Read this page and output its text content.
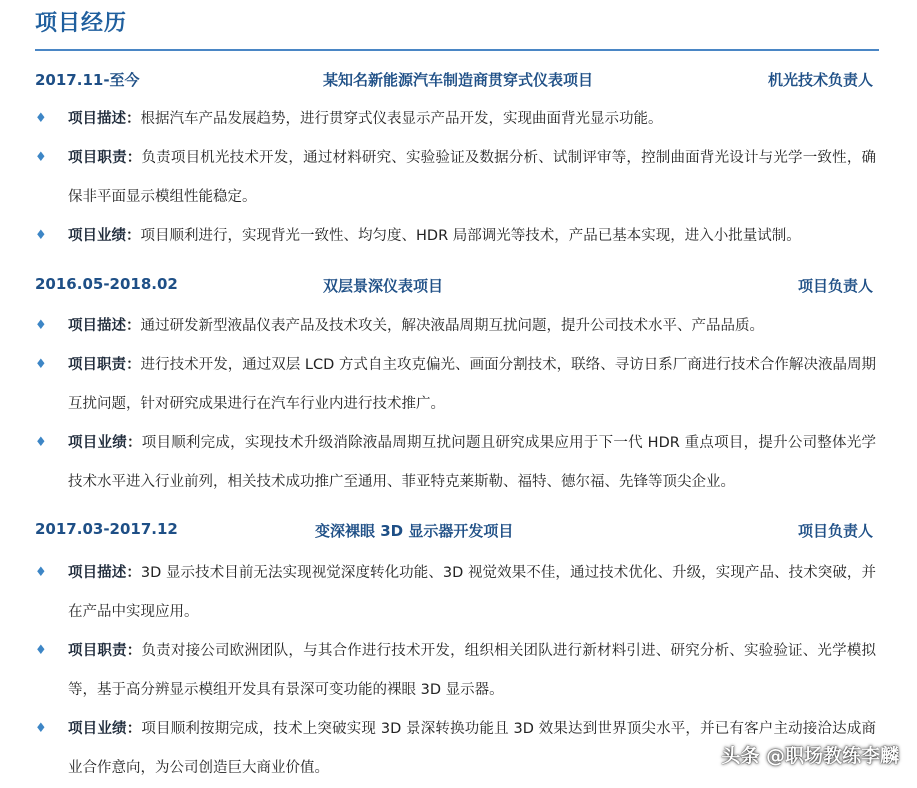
项目经历
2017.11-至今	某知名新能源汽车制造商贯穿式仪表项目	机光技术负责人
♦ 项目描述：根据汽车产品发展趋势，进行贯穿式仪表显示产品开发，实现曲面背光显示功能。
♦ 项目职责：负责项目机光技术开发，通过材料研究、实验验证及数据分析、试制评审等，控制曲面背光设计与光学一致性，确保非平面显示模组性能稳定。
♦ 项目业绩：项目顺利进行，实现背光一致性、均匀度、HDR 局部调光等技术，产品已基本实现，进入小批量试制。
2016.05-2018.02	双层景深仪表项目	项目负责人
♦ 项目描述：通过研发新型液晶仪表产品及技术攻关，解决液晶周期互扰问题，提升公司技术水平、产品品质。
♦ 项目职责：进行技术开发，通过双层 LCD 方式自主攻克偏光、画面分割技术，联络、寻访日系厂商进行技术合作解决液晶周期互扰问题，针对研究成果进行在汽车行业内进行技术推广。
♦ 项目业绩：项目顺利完成，实现技术升级消除液晶周期互扰问题且研究成果应用于下一代 HDR 重点项目，提升公司整体光学技术水平进入行业前列，相关技术成功推广至通用、菲亚特克莱斯勒、福特、德尔福、先锋等顶尖企业。
2017.03-2017.12	变深裸眼 3D 显示器开发项目	项目负责人
♦ 项目描述：3D 显示技术目前无法实现视觉深度转化功能、3D 视觉效果不佳，通过技术优化、升级，实现产品、技术突破，并在产品中实现应用。
♦ 项目职责：负责对接公司欧洲团队，与其合作进行技术开发，组织相关团队进行新材料引进、研究分析、实验验证、光学模拟等，基于高分辨显示模组开发具有景深可变功能的裸眼 3D 显示器。
♦ 项目业绩：项目顺利按期完成，技术上突破实现 3D 景深转换功能且 3D 效果达到世界顶尖水平，并已有客户主动接洽达成商业合作意向，为公司创造巨大商业价值。
头条 @职场教练李麟
